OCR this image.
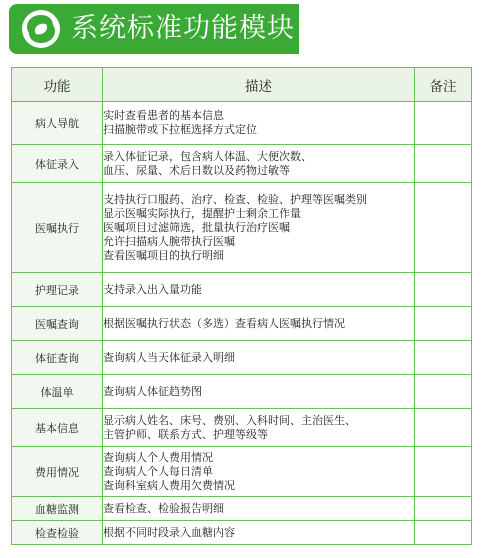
系统标准功能模块
功能	描述	备注
病人导航	实时查看患者的基本信息
扫描腕带或下拉框选择方式定位	

体征录入	录入体征记录，包含病人体温、大便次数、
血压、尿量、术后日数以及药物过敏等	

医嘱执行	支持执行口服药、治疗、检查、检验、护理等医嘱类别
显示医嘱实际执行，提醒护士剩余工作量
医嘱项目过滤筛选，批量执行治疗医嘱
允许扫描病人腕带执行医嘱
查看医嘱项目的执行明细	

护理记录	支持录入出入量功能	

医嘱查询	根据医嘱执行状态（多选）查看病人医嘱执行情况	

体征查询	查询病人当天体征录入明细	

体温单	查询病人体征趋势图	

基本信息	显示病人姓名、床号、费别、入科时间、主治医生、
主管护师、联系方式、护理等级等	

费用情况	查询病人个人费用情况
查询病人个人每日清单
查询科室病人费用欠费情况	

血糖监测	查看检查、检验报告明细	

检查检验	根据不同时段录入血糖内容	
